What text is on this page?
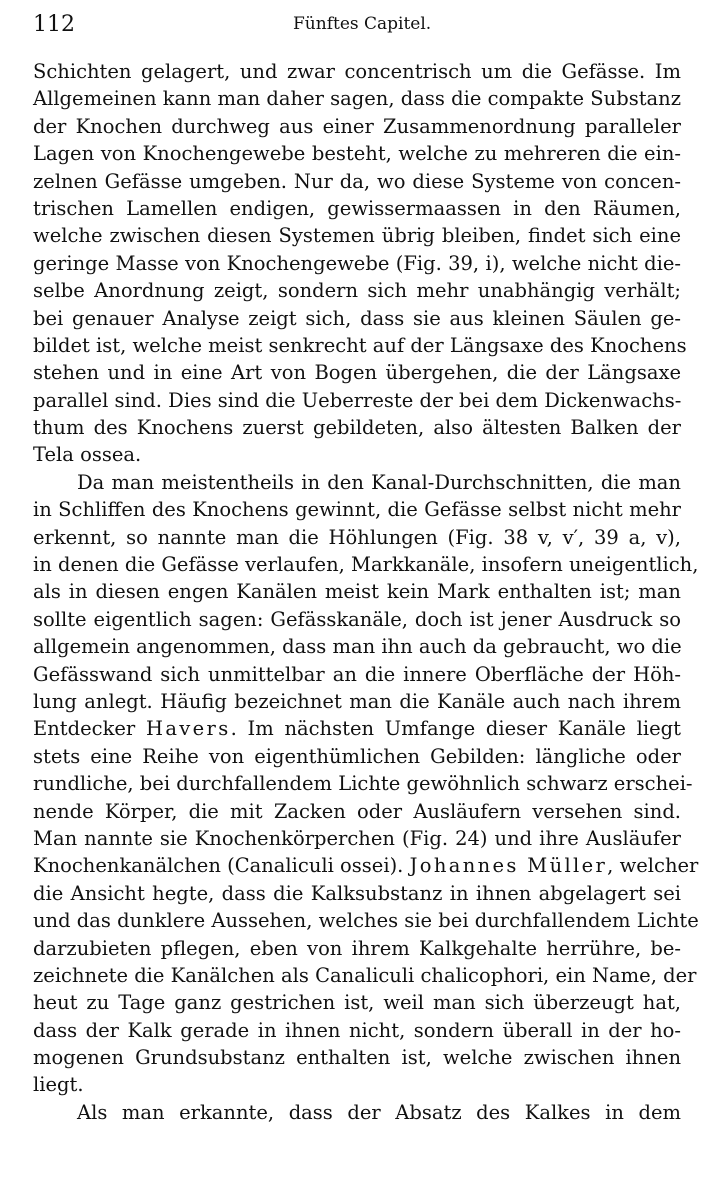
112	Fünftes Capitel.
Schichten gelagert, und zwar concentrisch um die Gefässe. Im
Allgemeinen kann man daher sagen, dass die compakte Substanz
der Knochen durchweg aus einer Zusammenordnung paralleler
Lagen von Knochengewebe besteht, welche zu mehreren die ein-
zelnen Gefässe umgeben. Nur da, wo diese Systeme von concen-
trischen Lamellen endigen, gewissermaassen in den Räumen,
welche zwischen diesen Systemen übrig bleiben, findet sich eine
geringe Masse von Knochengewebe (Fig. 39, i), welche nicht die-
selbe Anordnung zeigt, sondern sich mehr unabhängig verhält;
bei genauer Analyse zeigt sich, dass sie aus kleinen Säulen ge-
bildet ist, welche meist senkrecht auf der Längsaxe des Knochens
stehen und in eine Art von Bogen übergehen, die der Längsaxe
parallel sind. Dies sind die Ueberreste der bei dem Dickenwachs-
thum des Knochens zuerst gebildeten, also ältesten Balken der
Tela ossea.
Da man meistentheils in den Kanal-Durchschnitten, die man
in Schliffen des Knochens gewinnt, die Gefässe selbst nicht mehr
erkennt, so nannte man die Höhlungen (Fig. 38 v, v′, 39 a, v),
in denen die Gefässe verlaufen, Markkanäle, insofern uneigentlich,
als in diesen engen Kanälen meist kein Mark enthalten ist; man
sollte eigentlich sagen: Gefässkanäle, doch ist jener Ausdruck so
allgemein angenommen, dass man ihn auch da gebraucht, wo die
Gefässwand sich unmittelbar an die innere Oberfläche der Höh-
lung anlegt. Häufig bezeichnet man die Kanäle auch nach ihrem
Entdecker Havers. Im nächsten Umfange dieser Kanäle liegt
stets eine Reihe von eigenthümlichen Gebilden: längliche oder
rundliche, bei durchfallendem Lichte gewöhnlich schwarz erschei-
nende Körper, die mit Zacken oder Ausläufern versehen sind.
Man nannte sie Knochenkörperchen (Fig. 24) und ihre Ausläufer
Knochenkanälchen (Canaliculi ossei). Johannes Müller, welcher
die Ansicht hegte, dass die Kalksubstanz in ihnen abgelagert sei
und das dunklere Aussehen, welches sie bei durchfallendem Lichte
darzubieten pflegen, eben von ihrem Kalkgehalte herrühre, be-
zeichnete die Kanälchen als Canaliculi chalicophori, ein Name, der
heut zu Tage ganz gestrichen ist, weil man sich überzeugt hat,
dass der Kalk gerade in ihnen nicht, sondern überall in der ho-
mogenen Grundsubstanz enthalten ist, welche zwischen ihnen
liegt.
Als man erkannte, dass der Absatz des Kalkes in dem
